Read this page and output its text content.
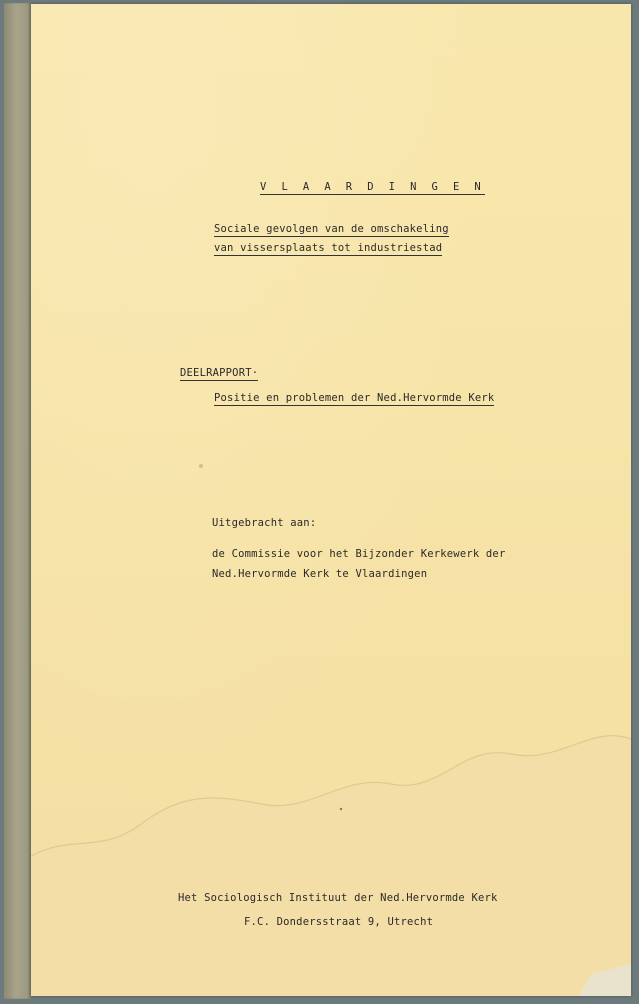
V L A A R D I N G E N
Sociale gevolgen van de omschakeling
van vissersplaats tot industriestad
DEELRAPPORT·
Positie en problemen der Ned.Hervormde Kerk
Uitgebracht aan:
de Commissie voor het Bijzonder Kerkewerk der
Ned.Hervormde Kerk te Vlaardingen
Het Sociologisch Instituut der Ned.Hervormde Kerk
F.C. Dondersstraat 9, Utrecht
